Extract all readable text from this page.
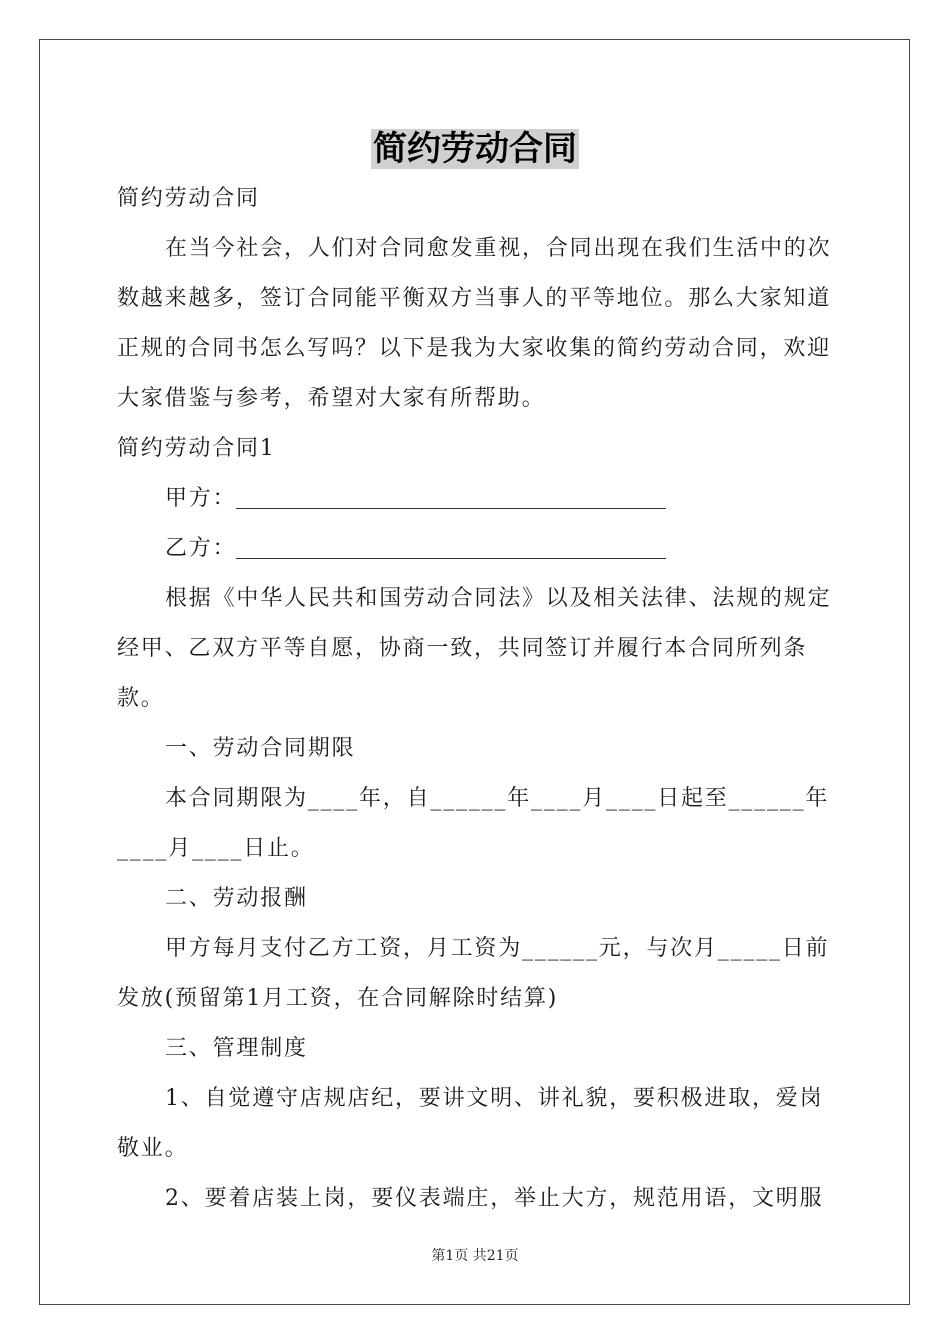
简约劳动合同

简约劳动合同

在当今社会，人们对合同愈发重视，合同出现在我们生活中的次数越来越多，签订合同能平衡双方当事人的平等地位。那么大家知道正规的合同书怎么写吗？以下是我为大家收集的简约劳动合同，欢迎大家借鉴与参考，希望对大家有所帮助。

简约劳动合同1

甲方：

乙方：

根据《中华人民共和国劳动合同法》以及相关法律、法规的规定经甲、乙双方平等自愿，协商一致，共同签订并履行本合同所列条款。

一、劳动合同期限

本合同期限为____年，自______年____月____日起至______年____月____日止。

二、劳动报酬

甲方每月支付乙方工资，月工资为______元，与次月_____日前发放(预留第1月工资，在合同解除时结算)

三、管理制度

1、自觉遵守店规店纪，要讲文明、讲礼貌，要积极进取，爱岗敬业。

2、要着店装上岗，要仪表端庄，举止大方，规范用语，文明服

第1页 共21页
